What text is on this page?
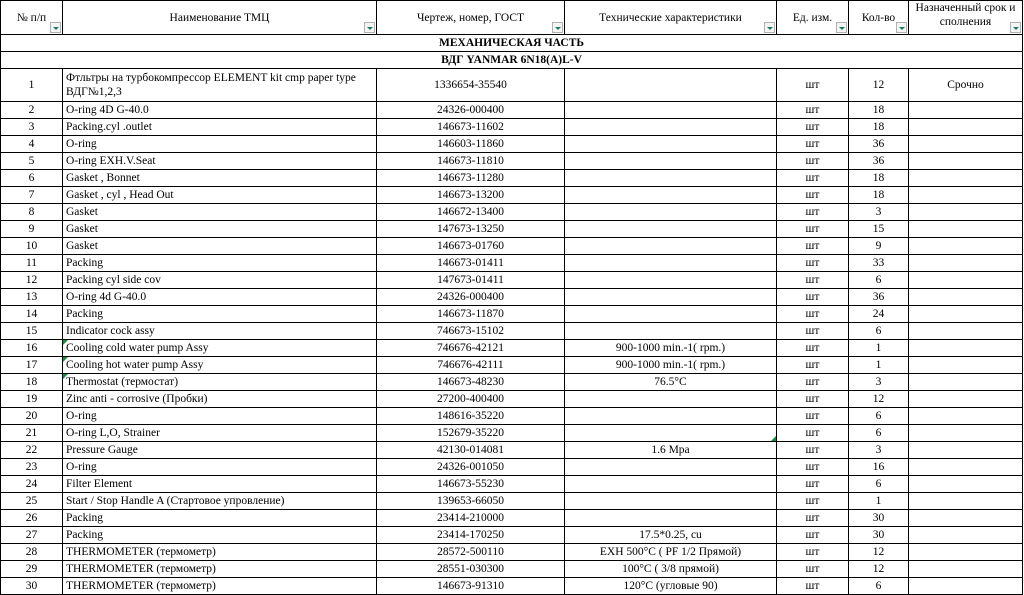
№ п/п	Наименование ТМЦ	Чертеж, номер, ГОСТ	Технические характеристики	Ед. изм.	Кол-во	Назначенный срок и сполнения

МЕХАНИЧЕСКАЯ ЧАСТЬ						
ВДГ YANMAR 6N18(A)L-V						
1	Фтльтры на турбокомпрессор ELEMENT kit cmp paper type ВДГ№1,2,3	1336654-35540		шт	12	Срочно
2	O-ring 4D G-40.0	24326-000400		шт	18	
3	Packing.cyl .outlet	146673-11602		шт	18	
4	O-ring	146603-11860		шт	36	
5	O-ring EXH.V.Seat	146673-11810		шт	36	
6	Gasket , Bonnet	146673-11280		шт	18	
7	Gasket , cyl , Head Out	146673-13200		шт	18	
8	Gasket	146672-13400		шт	3	
9	Gasket	147673-13250		шт	15	
10	Gasket	146673-01760		шт	9	
11	Packing	146673-01411		шт	33	
12	Packing cyl side cov	147673-01411		шт	6	
13	O-ring 4d G-40.0	24326-000400		шт	36	
14	Packing	146673-11870		шт	24	
15	Indicator cock assy	746673-15102		шт	6	
16	Cooling cold water pump Assy	746676-42121	900-1000 min.-1( rpm.)	шт	1	
17	Cooling hot water pump Assy	746676-42111	900-1000 min.-1( rpm.)	шт	1	
18	Thermostat (термостат)	146673-48230	76.5°С	шт	3	
19	Zinc anti - corrosive (Пробки)	27200-400400		шт	12	
20	O-ring	148616-35220		шт	6	
21	O-ring L,O, Strainer	152679-35220		шт	6	
22	Pressure Gauge	42130-014081	1.6 Mpa	шт	3	
23	O-ring	24326-001050		шт	16	
24	Filter Element	146673-55230		шт	6	
25	Start / Stop Handle A (Стартовое упровление)	139653-66050		шт	1	
26	Packing	23414-210000		шт	30	
27	Packing	23414-170250	17.5*0.25, cu	шт	30	
28	THERMOMETER (термометр)	28572-500110	EXH 500°С ( PF 1/2 Прямой)	шт	12	
29	THERMOMETER (термометр)	28551-030300	100°С ( 3/8 прямой)	шт	12	
30	THERMOMETER (термометр)	146673-91310	120°С (угловые 90)	шт	6	
